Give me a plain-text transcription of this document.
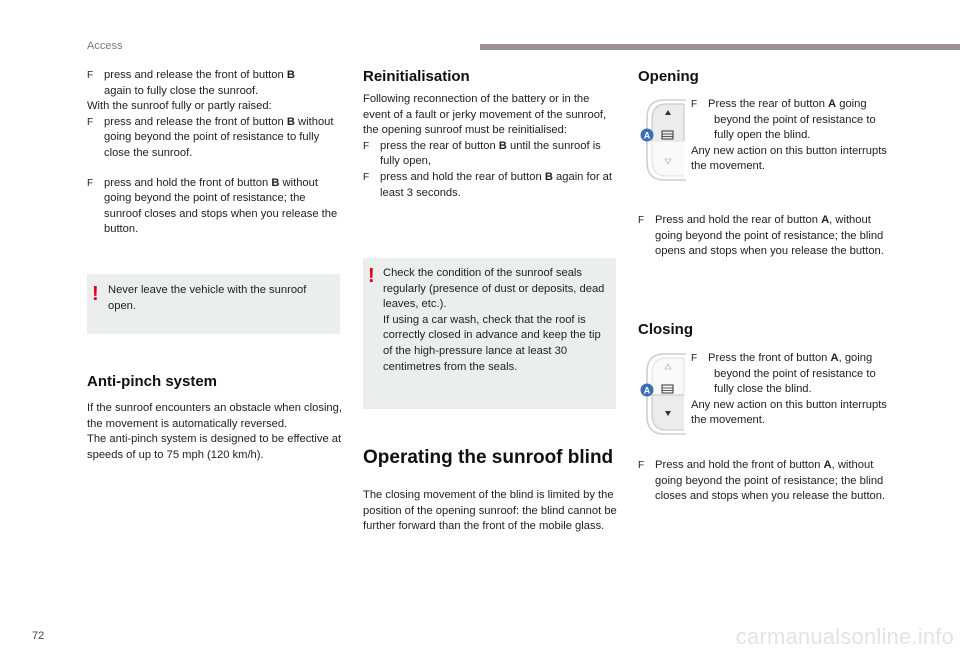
Access

F press and release the front of button B
again to fully close the sunroof.

With the sunroof fully or partly raised:

F press and release the front of button B without going beyond the point of resistance to fully close the sunroof.

F press and hold the front of button B without going beyond the point of resistance; the sunroof closes and stops when you release the button.

! Never leave the vehicle with the sunroof open.
Anti-pinch system

If the sunroof encounters an obstacle when closing, the movement is automatically reversed.

The anti-pinch system is designed to be effective at speeds of up to 75 mph (120 km/h).

Reinitialisation

Following reconnection of the battery or in the event of a fault or jerky movement of the sunroof, the opening sunroof must be reinitialised:

F press the rear of button B until the sunroof is fully open,

F press and hold the rear of button B again for at least 3 seconds.

! Check the condition of the sunroof seals regularly (presence of dust or deposits, dead leaves, etc.).

If using a car wash, check that the roof is correctly closed in advance and keep the tip of the high-pressure lance at least 30 centimetres from the seals.

Operating the sunroof blind

The closing movement of the blind is limited by the position of the opening sunroof: the blind cannot be further forward than the front of the mobile glass.

Opening
A

F Press the rear of button A going beyond the point of resistance to fully open the blind.

Any new action on this button interrupts the movement.

F Press and hold the rear of button A, without going beyond the point of resistance; the blind opens and stops when you release the button.

Closing
A

F Press the front of button A, going beyond the point of resistance to fully close the blind.

Any new action on this button interrupts the movement.

F Press and hold the front of button A, without going beyond the point of resistance; the blind closes and stops when you release the button.

72	carmanualsonline.info
